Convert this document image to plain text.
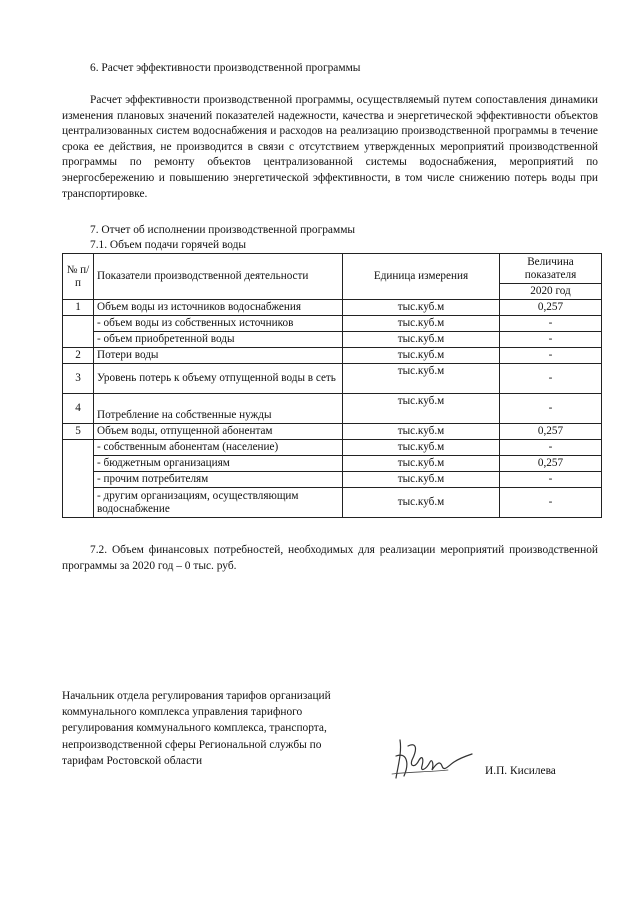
6. Расчет эффективности производственной программы
Расчет эффективности производственной программы, осуществляемый путем сопоставления динамики изменения плановых значений показателей надежности, качества и энергетической эффективности объектов централизованных систем водоснабжения и расходов на реализацию производственной программы в течение срока ее действия, не производится в связи с отсутствием утвержденных мероприятий производственной программы по ремонту объектов централизованной системы водоснабжения, мероприятий по энергосбережению и повышению энергетической эффективности, в том числе снижению потерь воды при транспортировке.
7. Отчет об исполнении производственной программы
7.1. Объем подачи горячей воды
№ п/п	Показатели производственной деятельности	Единица измерения	Величина показателя
			2020 год
1	Объем воды из источников водоснабжения	тыс.куб.м	0,257
	- объем воды из собственных источников	тыс.куб.м	-
	- объем приобретенной воды	тыс.куб.м	-
2	Потери воды	тыс.куб.м	-
3	Уровень потерь к объему отпущенной воды в сеть	тыс.куб.м	-
4	Потребление на собственные нужды	тыс.куб.м	-
5	Объем воды, отпущенной абонентам	тыс.куб.м	0,257
	- собственным абонентам (население)	тыс.куб.м	-
	- бюджетным организациям	тыс.куб.м	0,257
	- прочим потребителям	тыс.куб.м	-
	- другим организациям, осуществляющим водоснабжение	тыс.куб.м	-
7.2. Объем финансовых потребностей, необходимых для реализации мероприятий производственной программы за 2020 год – 0 тыс. руб.
Начальник отдела регулирования тарифов организаций
коммунального комплекса управления тарифного
регулирования коммунального комплекса, транспорта,
непроизводственной сферы Региональной службы по
тарифам Ростовской области
И.П. Кисилева
